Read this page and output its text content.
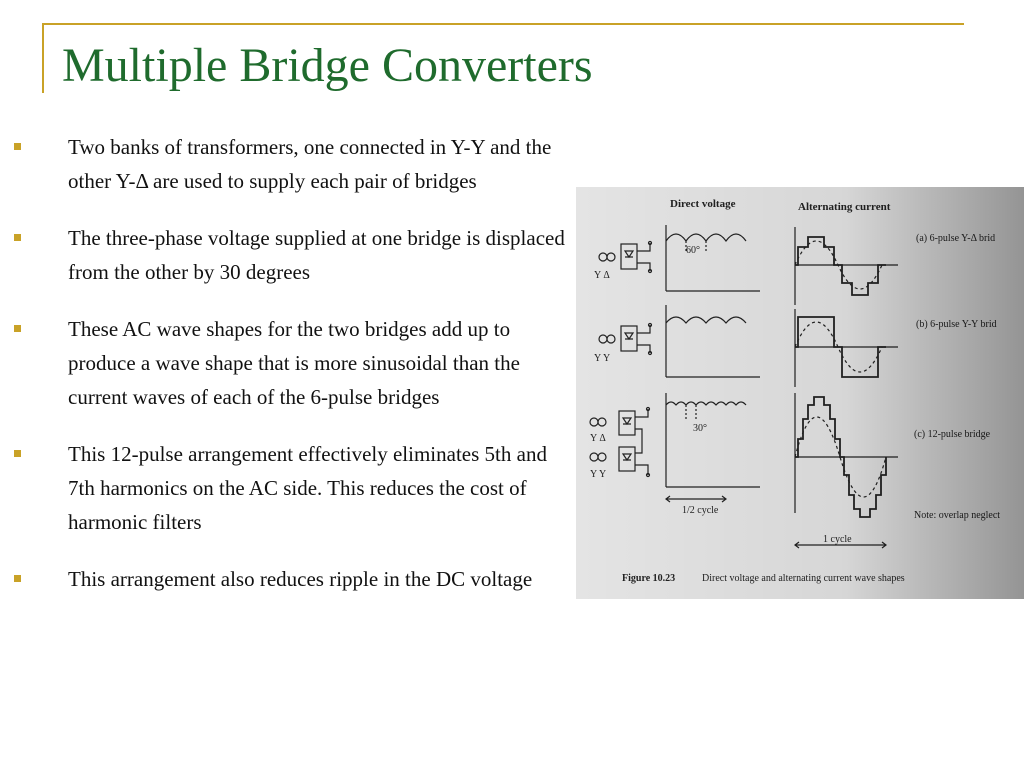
Multiple Bridge Converters
Two banks of transformers, one connected in Y-Y and the other Y-Δ are used to supply each pair of bridges
The three-phase voltage supplied at one bridge is displaced from the other by 30 degrees
These AC wave shapes for the two bridges add up to produce a wave shape that is more sinusoidal than the current waves of each of the 6-pulse bridges
This 12-pulse arrangement effectively eliminates 5th and 7th harmonics on the AC side. This reduces the cost of harmonic filters
This arrangement also reduces ripple in the DC voltage
